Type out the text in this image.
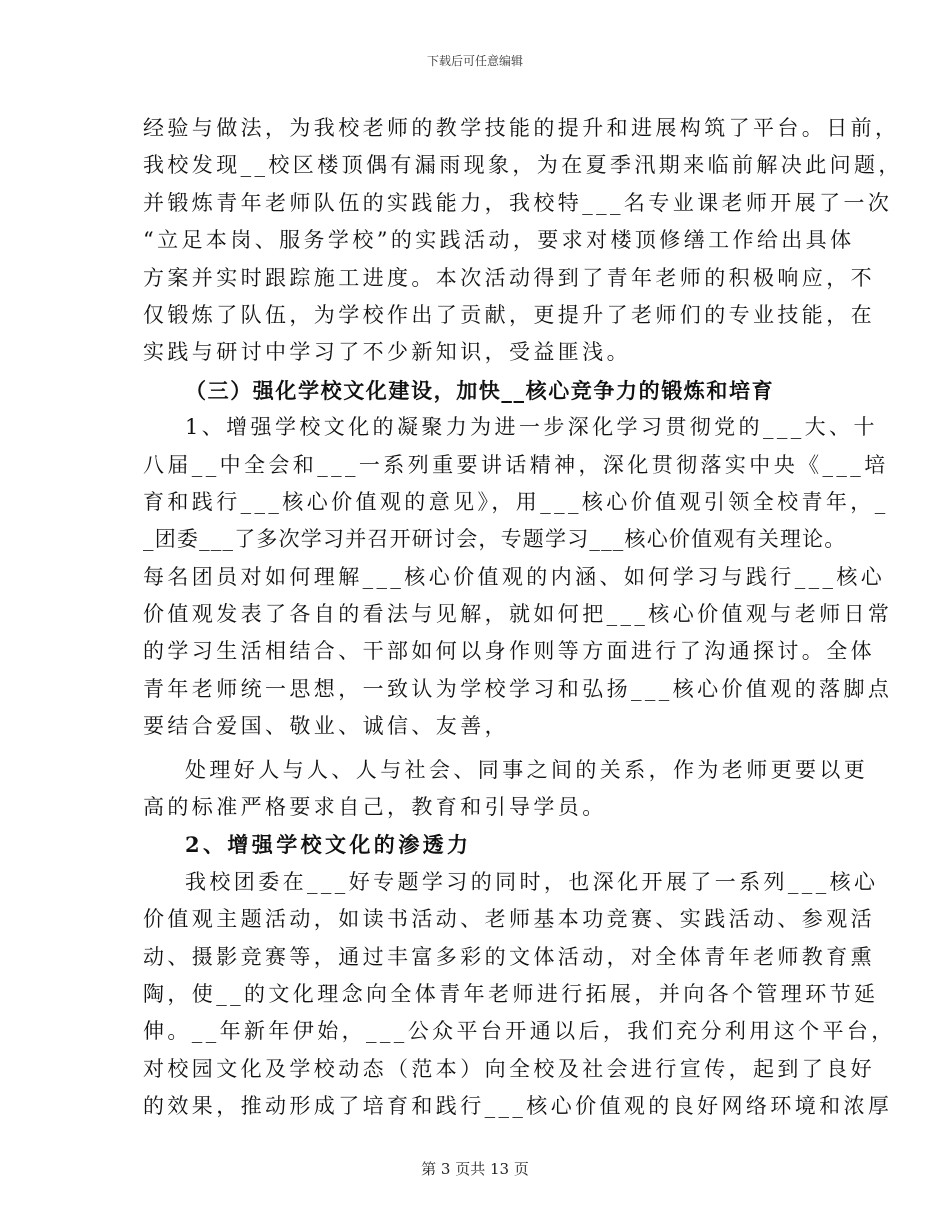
下载后可任意编辑
经验与做法，为我校老师的教学技能的提升和进展构筑了平台。日前，
我校发现__校区楼顶偶有漏雨现象，为在夏季汛期来临前解决此问题，
并锻炼青年老师队伍的实践能力，我校特___名专业课老师开展了一次
“立足本岗、服务学校”的实践活动，要求对楼顶修缮工作给出具体
方案并实时跟踪施工进度。本次活动得到了青年老师的积极响应，不
仅锻炼了队伍，为学校作出了贡献，更提升了老师们的专业技能，在
实践与研讨中学习了不少新知识，受益匪浅。
（三）强化学校文化建设，加快__核心竞争力的锻炼和培育
1、增强学校文化的凝聚力为进一步深化学习贯彻党的___大、十
八届__中全会和___一系列重要讲话精神，深化贯彻落实中央《___培
育和践行___核心价值观的意见》，用___核心价值观引领全校青年，_
_团委___了多次学习并召开研讨会，专题学习___核心价值观有关理论。
每名团员对如何理解___核心价值观的内涵、如何学习与践行___核心
价值观发表了各自的看法与见解，就如何把___核心价值观与老师日常
的学习生活相结合、干部如何以身作则等方面进行了沟通探讨。全体
青年老师统一思想，一致认为学校学习和弘扬___核心价值观的落脚点
要结合爱国、敬业、诚信、友善，
处理好人与人、人与社会、同事之间的关系，作为老师更要以更
高的标准严格要求自己，教育和引导学员。
2、增强学校文化的渗透力
我校团委在___好专题学习的同时，也深化开展了一系列___核心
价值观主题活动，如读书活动、老师基本功竞赛、实践活动、参观活
动、摄影竞赛等，通过丰富多彩的文体活动，对全体青年老师教育熏
陶，使__的文化理念向全体青年老师进行拓展，并向各个管理环节延
伸。__年新年伊始，___公众平台开通以后，我们充分利用这个平台，
对校园文化及学校动态（范本）向全校及社会进行宣传，起到了良好
的效果，推动形成了培育和践行___核心价值观的良好网络环境和浓厚
第 3 页共 13 页
